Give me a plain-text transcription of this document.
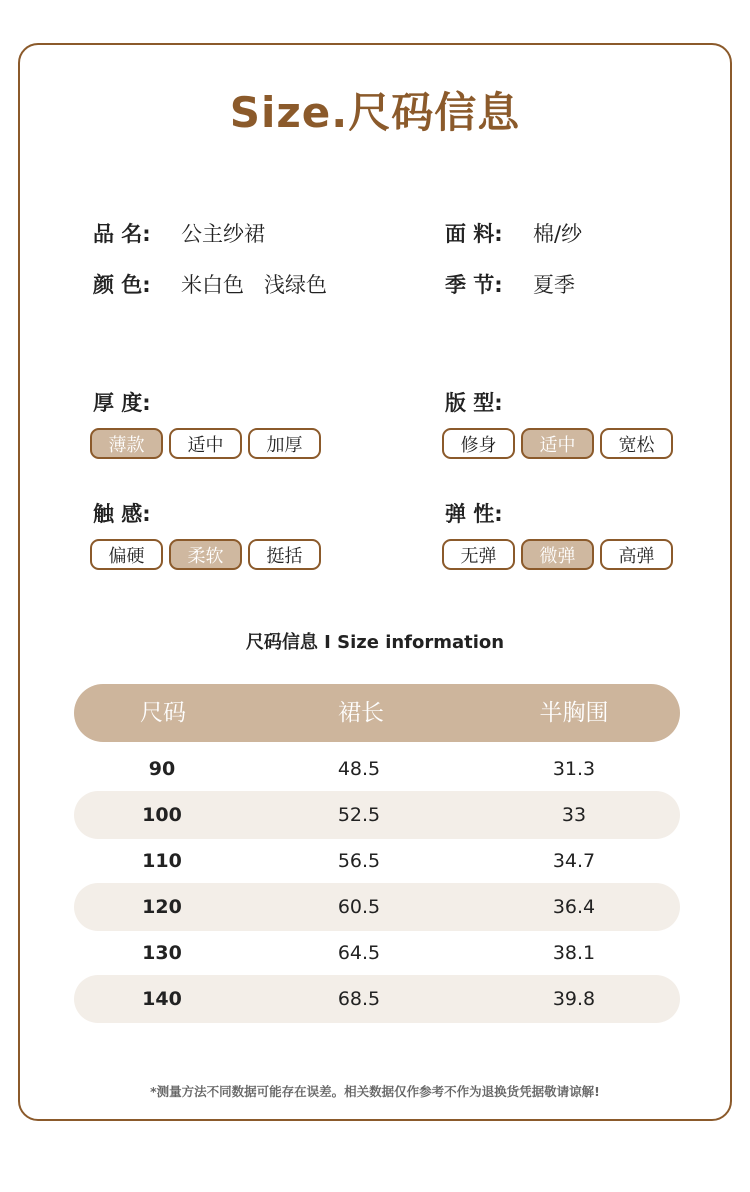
Size.尺码信息
品 名:	公主纱裙	面 料:	棉/纱
颜 色:	米白色   浅绿色	季 节:	夏季
厚 度:
薄款	适中	加厚
版 型:
修身	适中	宽松
触 感:
偏硬	柔软	挺括
弹 性:
无弹	微弹	高弹
尺码信息 I Size information
尺码	裙长	半胸围
90	48.5	31.3
100	52.5	33
110	56.5	34.7
120	60.5	36.4
130	64.5	38.1
140	68.5	39.8
*测量方法不同数据可能存在误差。相关数据仅作参考不作为退换货凭据敬请谅解!
